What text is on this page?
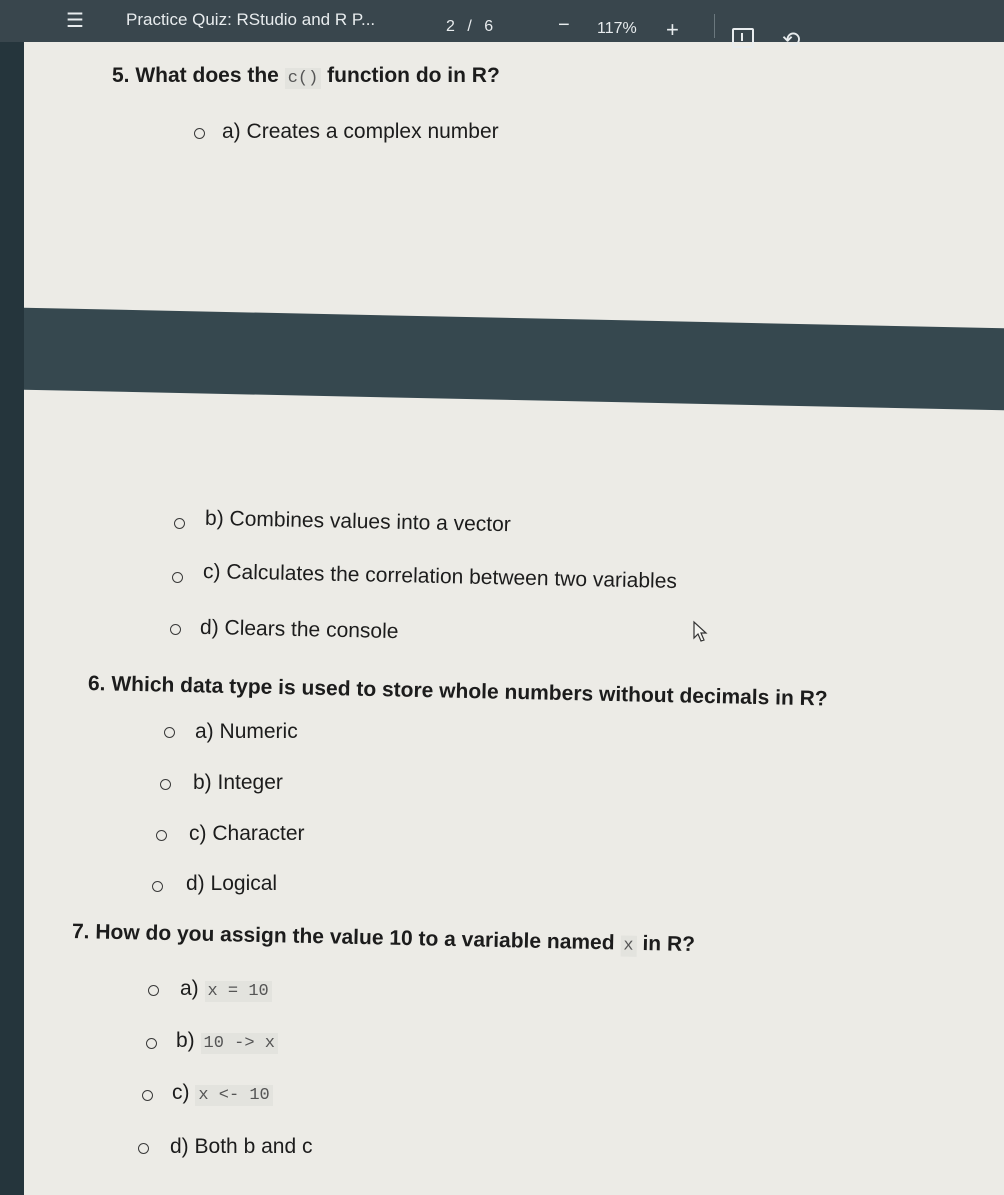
☰ Practice Quiz: RStudio and R P...	2 / 6	− 117% +	⟲
5. What does the c() function do in R?
a) Creates a complex number
b) Combines values into a vector
c) Calculates the correlation between two variables
d) Clears the console
6. Which data type is used to store whole numbers without decimals in R?
a) Numeric
b) Integer
c) Character
d) Logical
7. How do you assign the value 10 to a variable named x in R?
a) x = 10
b) 10 -> x
c) x <- 10
d) Both b and c
